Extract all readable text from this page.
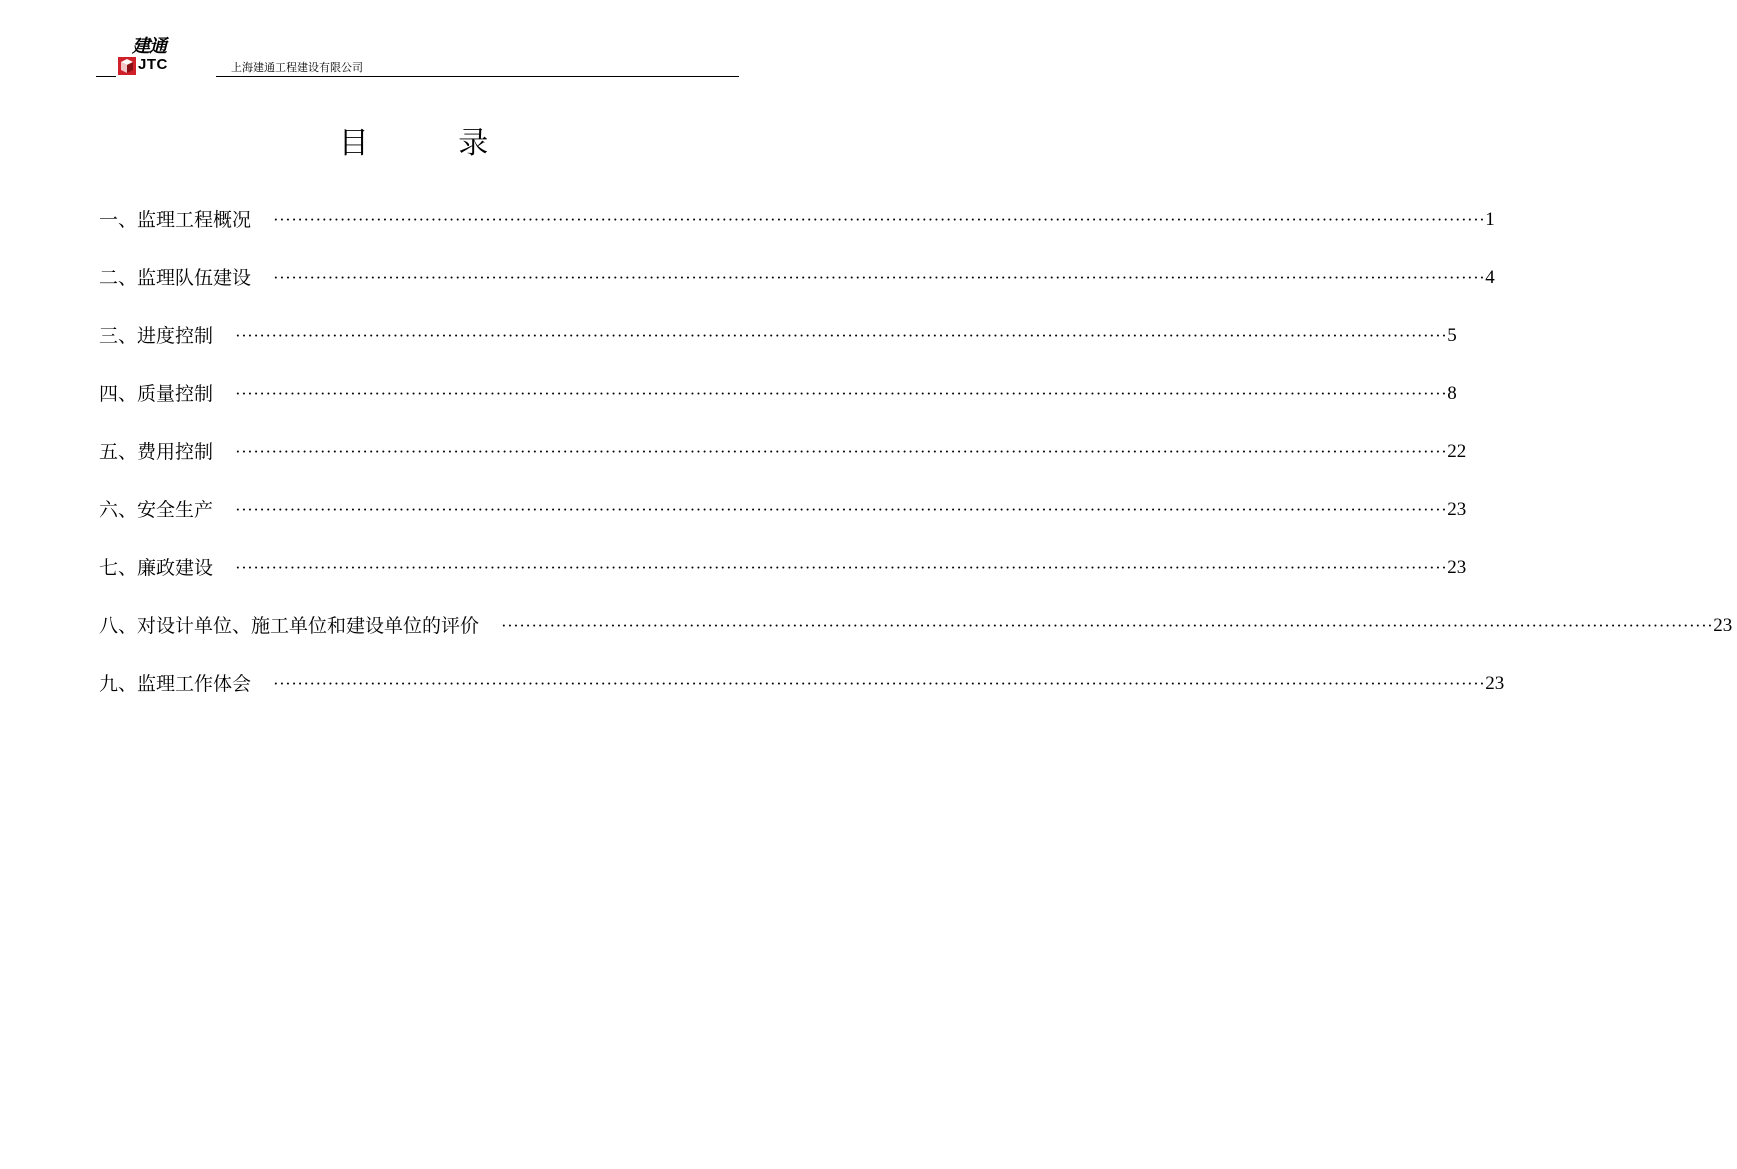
建通
JTC	上海建通工程建设有限公司
目 录
一、监理工程概况 ········································································································································································································ 1
二、监理队伍建设 ········································································································································································································ 4
三、进度控制 ········································································································································································································ 5
四、质量控制 ········································································································································································································ 8
五、费用控制 ········································································································································································································ 22
六、安全生产 ········································································································································································································ 23
七、廉政建设 ········································································································································································································ 23
八、对设计单位、施工单位和建设单位的评价 ········································································································································································································ 23
九、监理工作体会 ········································································································································································································ 23
